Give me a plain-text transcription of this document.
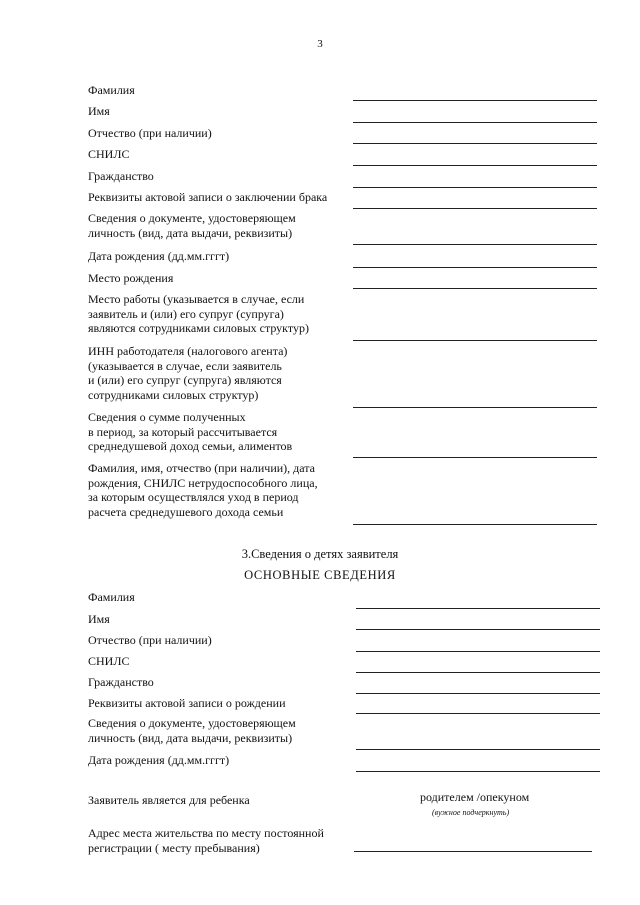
3
Фамилия
Имя
Отчество (при наличии)
СНИЛС
Гражданство
Реквизиты актовой записи о заключении брака
Сведения о документе, удостоверяющем
личность (вид, дата выдачи, реквизиты)
Дата рождения (дд.мм.гггт)
Место рождения
Место работы (указывается в случае, если
заявитель и (или) его супруг (супруга)
являются сотрудниками силовых структур)
ИНН работодателя (налогового агента)
(указывается в случае, если заявитель
и (или) его супруг (супруга) являются
сотрудниками силовых структур)
Сведения о сумме полученных
в период, за который рассчитывается
среднедушевой доход семьи, алиментов
Фамилия, имя, отчество (при наличии), дата
рождения, СНИЛС нетрудоспособного лица,
за которым осуществлялся уход в период
расчета среднедушевого дохода семьи
3.Сведения о детях заявителя
ОСНОВНЫЕ СВЕДЕНИЯ
Фамилия
Имя
Отчество (при наличии)
СНИЛС
Гражданство
Реквизиты актовой записи о рождении
Сведения о документе, удостоверяющем
личность (вид, дата выдачи, реквизиты)
Дата рождения (дд.мм.гггт)
Заявитель является для ребенка	родителем /опекуном
(вужное подчеркнуть)
Адрес места жительства по месту постоянной
регистрации ( месту пребывания)
